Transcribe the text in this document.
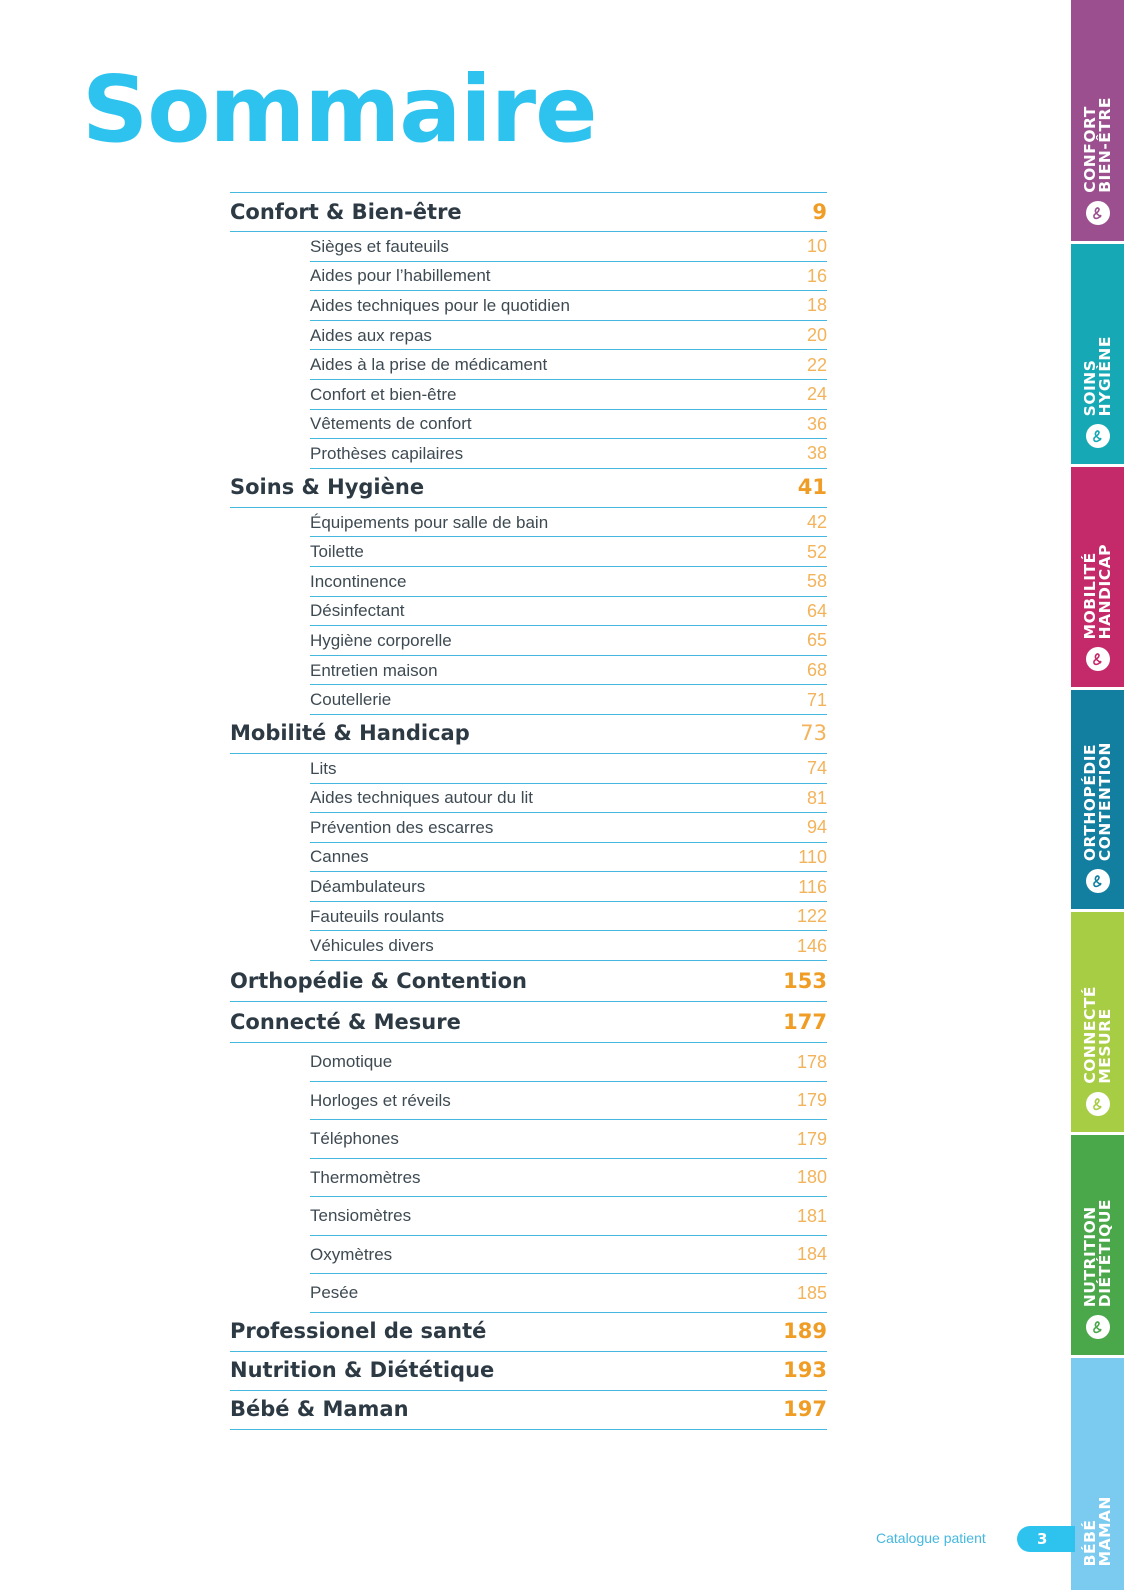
Sommaire
Confort & Bien-être	9
Sièges et fauteuils	10
Aides pour l’habillement	16
Aides techniques pour le quotidien	18
Aides aux repas	20
Aides à la prise de médicament	22
Confort et bien-être	24
Vêtements de confort	36
Prothèses capilaires	38
Soins & Hygiène	41
Équipements pour salle de bain	42
Toilette	52
Incontinence	58
Désinfectant	64
Hygiène corporelle	65
Entretien maison	68
Coutellerie	71
Mobilité & Handicap	73
Lits	74
Aides techniques autour du lit	81
Prévention des escarres	94
Cannes	110
Déambulateurs	116
Fauteuils roulants	122
Véhicules divers	146
Orthopédie & Contention	153
Connecté & Mesure	177
Domotique	178
Horloges et réveils	179
Téléphones	179
Thermomètres	180
Tensiomètres	181
Oxymètres	184
Pesée	185
Professionel de santé	189
Nutrition & Diététique	193
Bébé & Maman	197
CONFORT
BIEN-ÊTRE
SOINS
HYGIÈNE
MOBILITÉ
HANDICAP
ORTHOPÉDIE
CONTENTION
CONNECTÉ
MESURE
NUTRITION
DIÉTÉTIQUE
BÉBÉ
MAMAN
Catalogue patient	3
